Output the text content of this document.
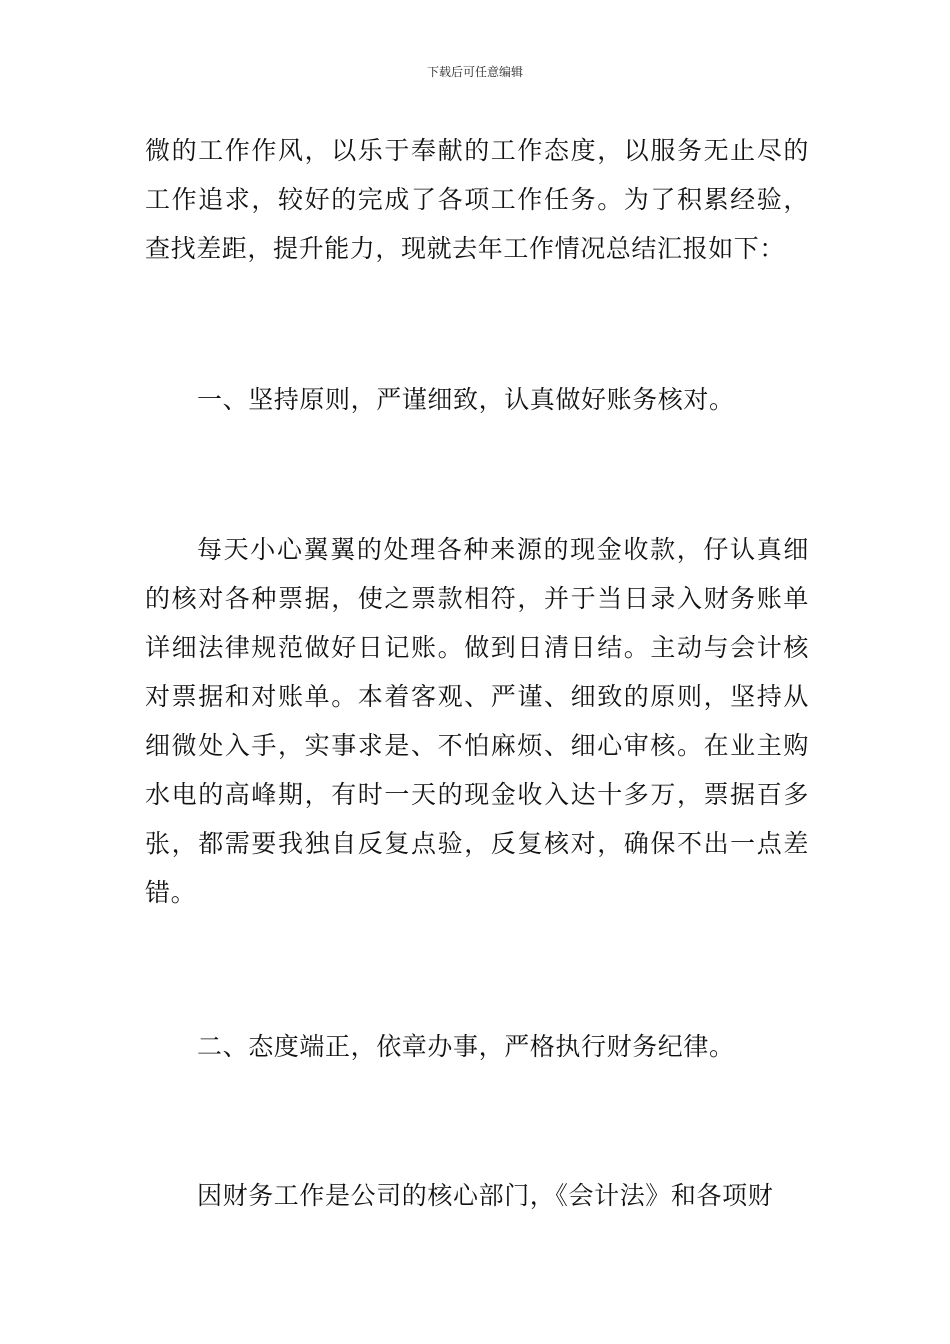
下载后可任意编辑

微的工作作风，以乐于奉献的工作态度，以服务无止尽的工作追求，较好的完成了各项工作任务。为了积累经验，查找差距，提升能力，现就去年工作情况总结汇报如下：

一、坚持原则，严谨细致，认真做好账务核对。

每天小心翼翼的处理各种来源的现金收款，仔认真细的核对各种票据，使之票款相符，并于当日录入财务账单详细法律规范做好日记账。做到日清日结。主动与会计核对票据和对账单。本着客观、严谨、细致的原则，坚持从细微处入手，实事求是、不怕麻烦、细心审核。在业主购水电的高峰期，有时一天的现金收入达十多万，票据百多张，都需要我独自反复点验，反复核对，确保不出一点差错。

二、态度端正，依章办事，严格执行财务纪律。

因财务工作是公司的核心部门，《会计法》和各项财
